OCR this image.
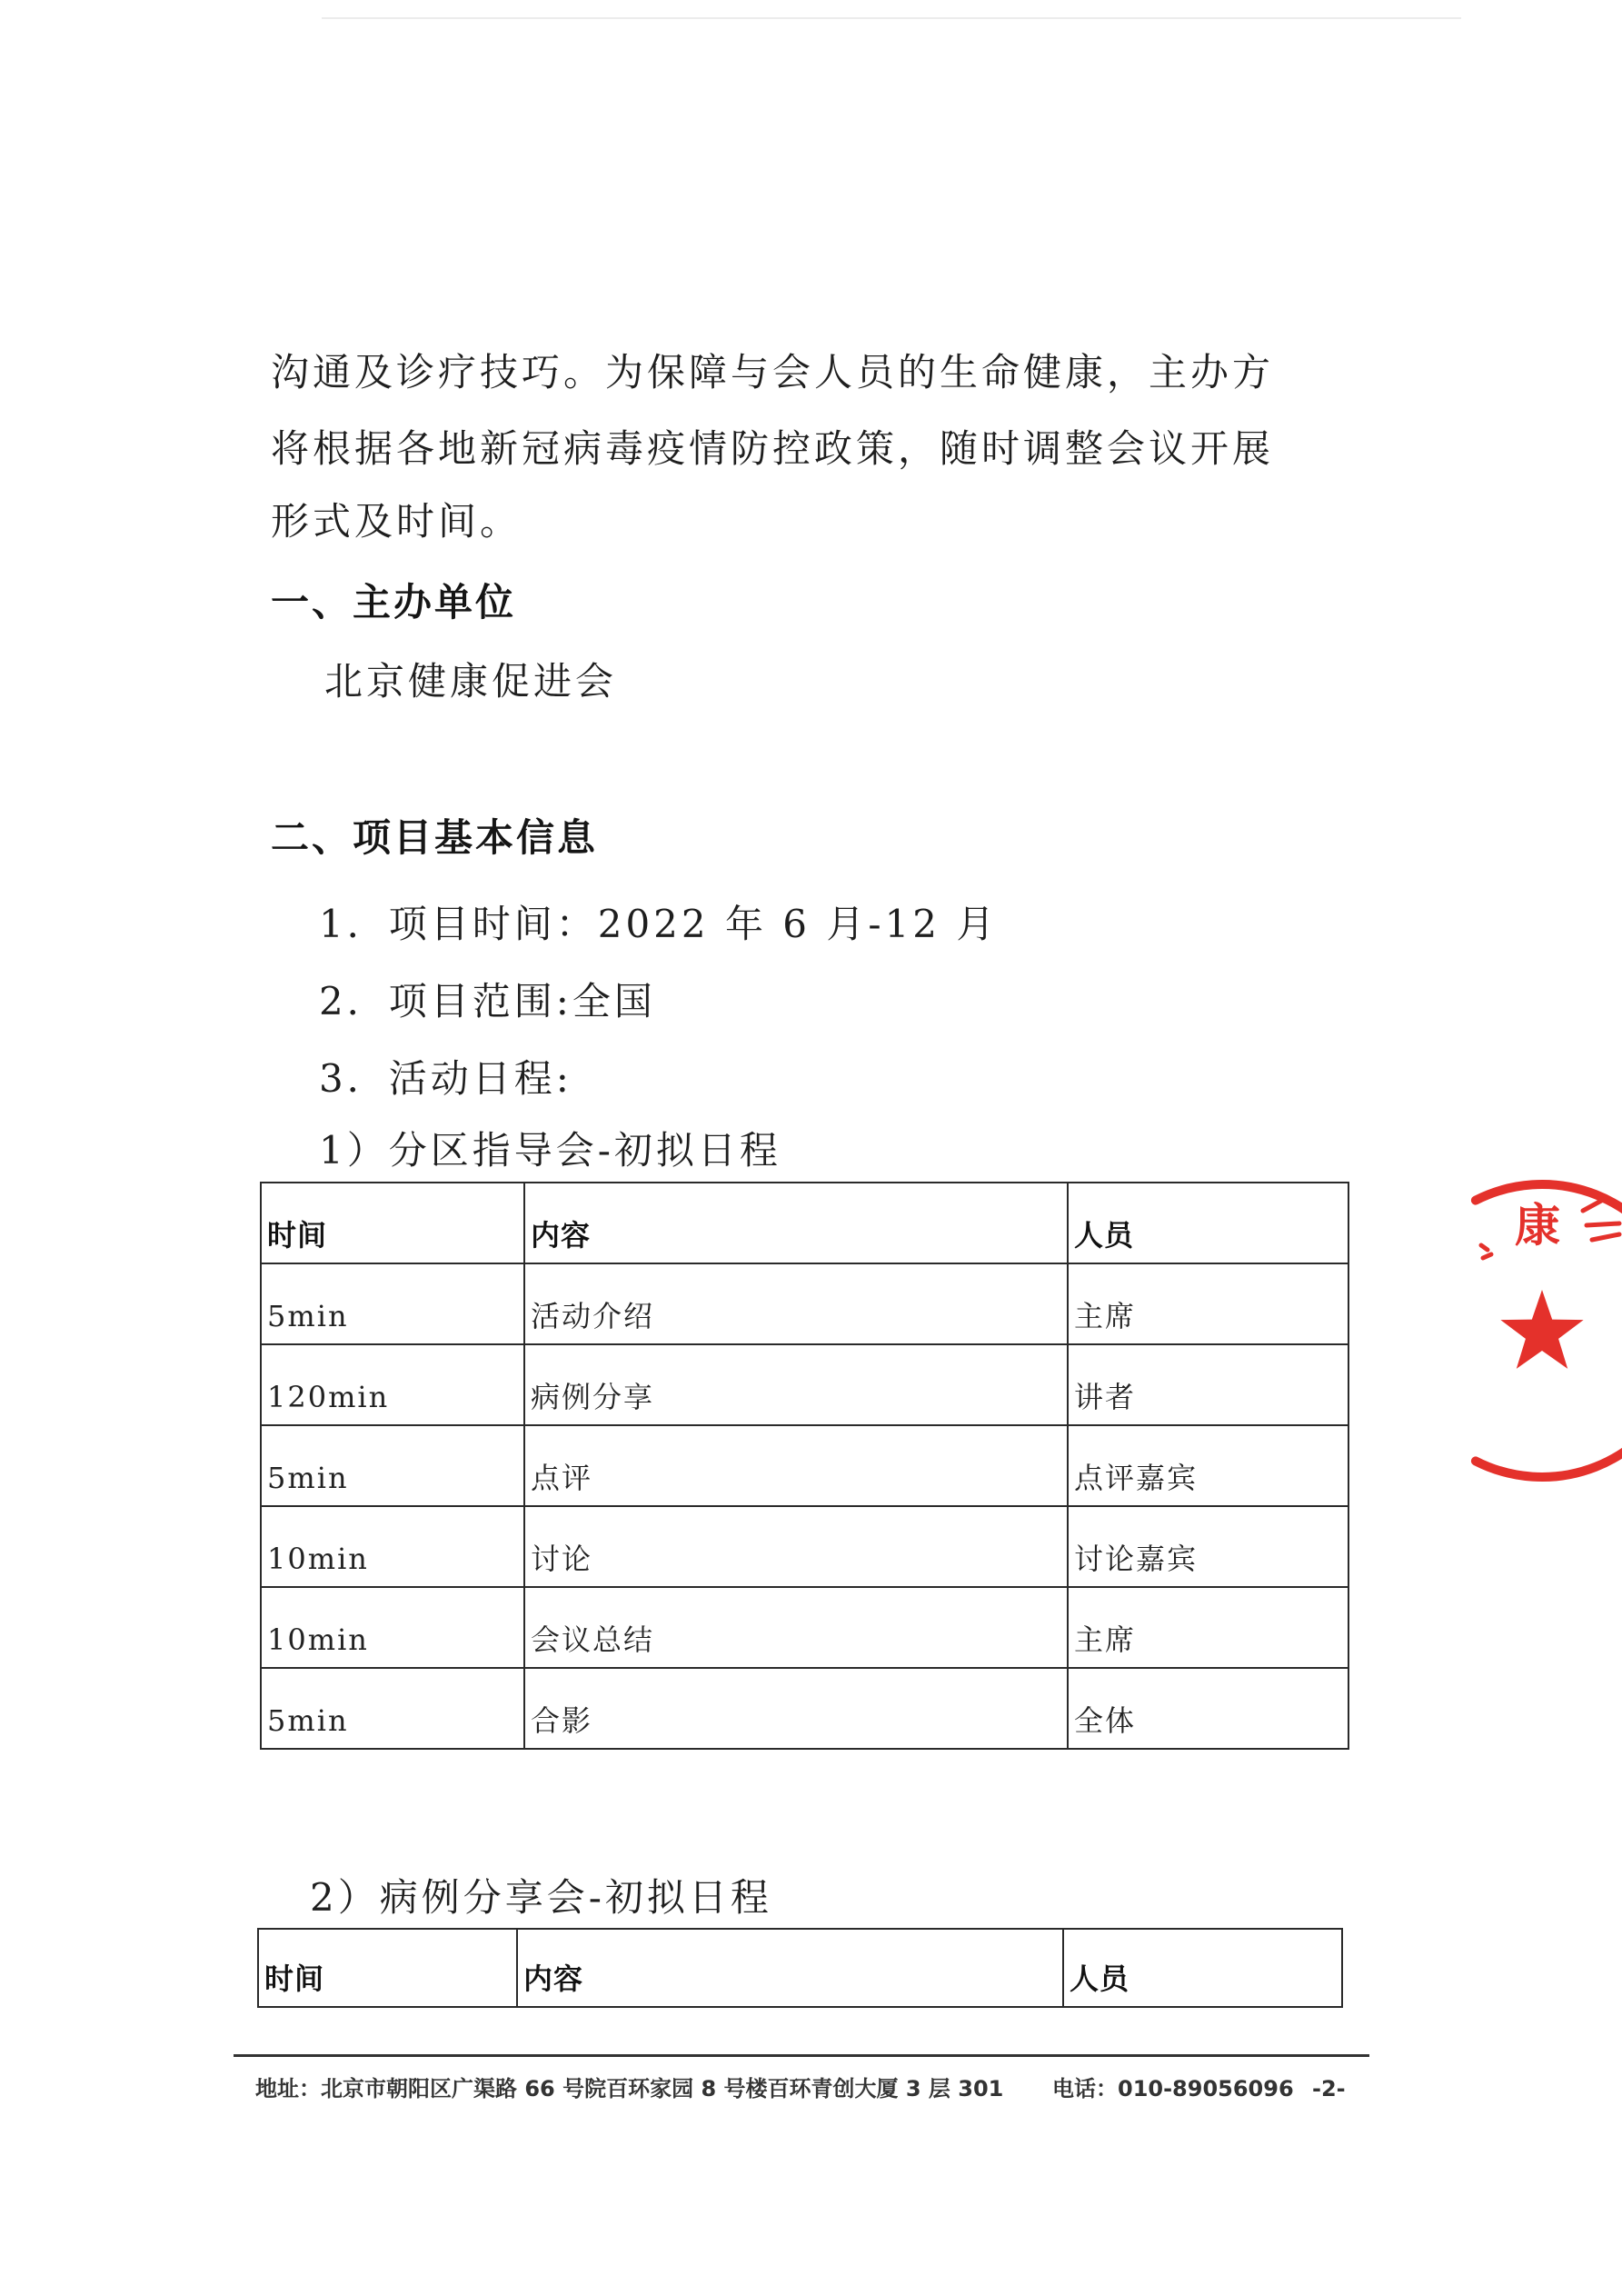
沟通及诊疗技巧。为保障与会人员的生命健康，主办方
将根据各地新冠病毒疫情防控政策，随时调整会议开展
形式及时间。
一、主办单位
北京健康促进会
二、项目基本信息
1．项目时间：2022 年 6 月-12 月
2．项目范围:全国
3．活动日程:
1）分区指导会-初拟日程
时间	内容	人员
5min	活动介绍	主席
120min	病例分享	讲者
5min	点评	点评嘉宾
10min	讨论	讨论嘉宾
10min	会议总结	主席
5min	合影	全体
2）病例分享会-初拟日程
时间	内容	人员
地址：北京市朝阳区广渠路 66 号院百环家园 8 号楼百环青创大厦 3 层 301 电话：010-89056096 -2-
康
